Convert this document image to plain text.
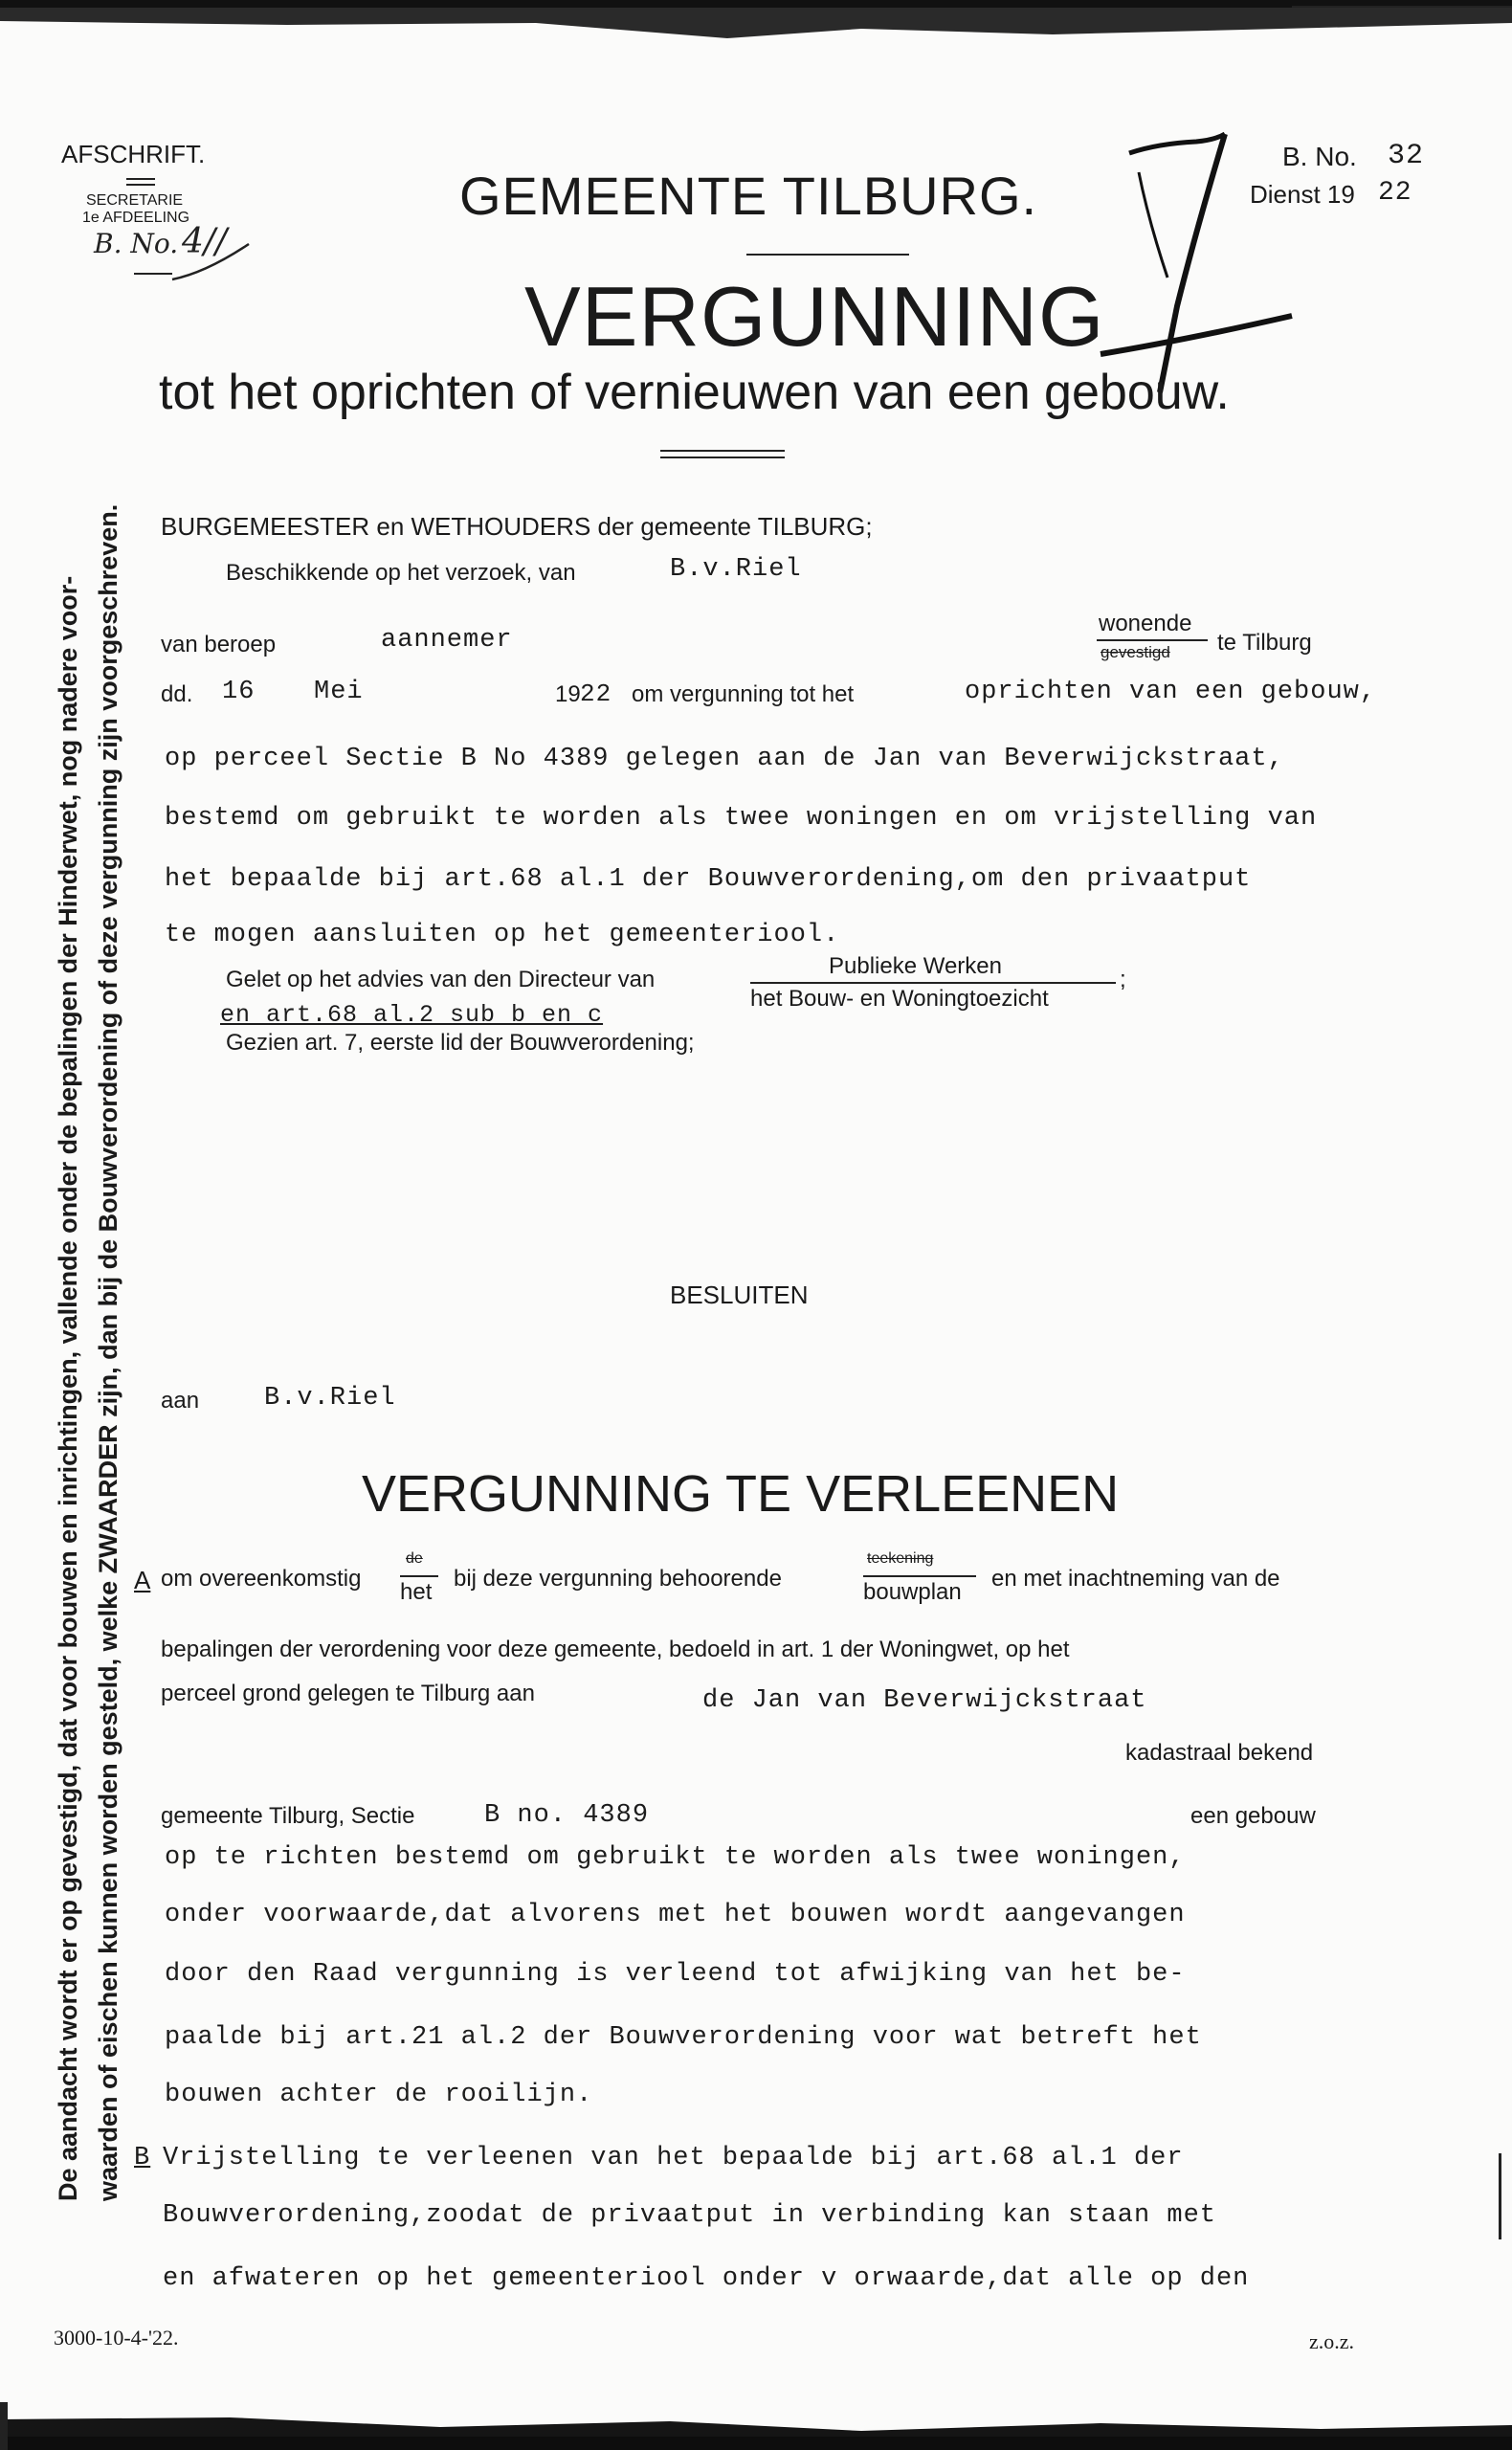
AFSCHRIFT.
SECRETARIE
1e AFDEELING
B. No. 4//
GEMEENTE TILBURG.
B. No. 32
Dienst 19 22
VERGUNNING
tot het oprichten of vernieuwen van een gebouw.
De aandacht wordt er op gevestigd, dat voor bouwen en inrichtingen, vallende onder de bepalingen der Hinderwet, nog nadere voor- waarden of eischen kunnen worden gesteld, welke ZWAARDER zijn, dan bij de Bouwverordening of deze vergunning zijn voorgeschreven. BURGEMEESTER en WETHOUDERS der gemeente TILBURG;
Beschikkende op het verzoek, van	B.v.Riel
van beroep	aannemer
wonende
gevestigd te Tilburg
dd. 16 Mei	19 22 om vergunning tot het	oprichten van een gebouw,
op perceel Sectie B No 4389 gelegen aan de Jan van Beverwijckstraat,
bestemd om gebruikt te worden als twee woningen en om vrijstelling van
het bepaalde bij art.68 al.1 der Bouwverordening,om den privaatput
te mogen aansluiten op het gemeenteriool.
Gelet op het advies van den Directeur van
Publieke Werken
het Bouw- en Woningtoezicht
;
en art.68 al.2 sub b en c
Gezien art. 7, eerste lid der Bouwverordening;
BESLUITEN
aan	B.v.Riel
VERGUNNING TE VERLEENEN
A om overeenkomstig
de
het
bij deze vergunning behoorende
teekening
bouwplan
en met inachtneming van de
bepalingen der verordening voor deze gemeente, bedoeld in art. 1 der Woningwet, op het
perceel grond gelegen te Tilburg aan	de Jan van Beverwijckstraat
kadastraal bekend
gemeente Tilburg, Sectie	B no. 4389	een gebouw
op te richten bestemd om gebruikt te worden als twee woningen,
onder voorwaarde,dat alvorens met het bouwen wordt aangevangen
door den Raad vergunning is verleend tot afwijking van het be-
paalde bij art.21 al.2 der Bouwverordening voor wat betreft het
bouwen achter de rooilijn.
B Vrijstelling te verleenen van het bepaalde bij art.68 al.1 der
Bouwverordening,zoodat de privaatput in verbinding kan staan met
en afwateren op het gemeenteriool onder v orwaarde,dat alle op den
3000-10-4-'22.	z.o.z.
